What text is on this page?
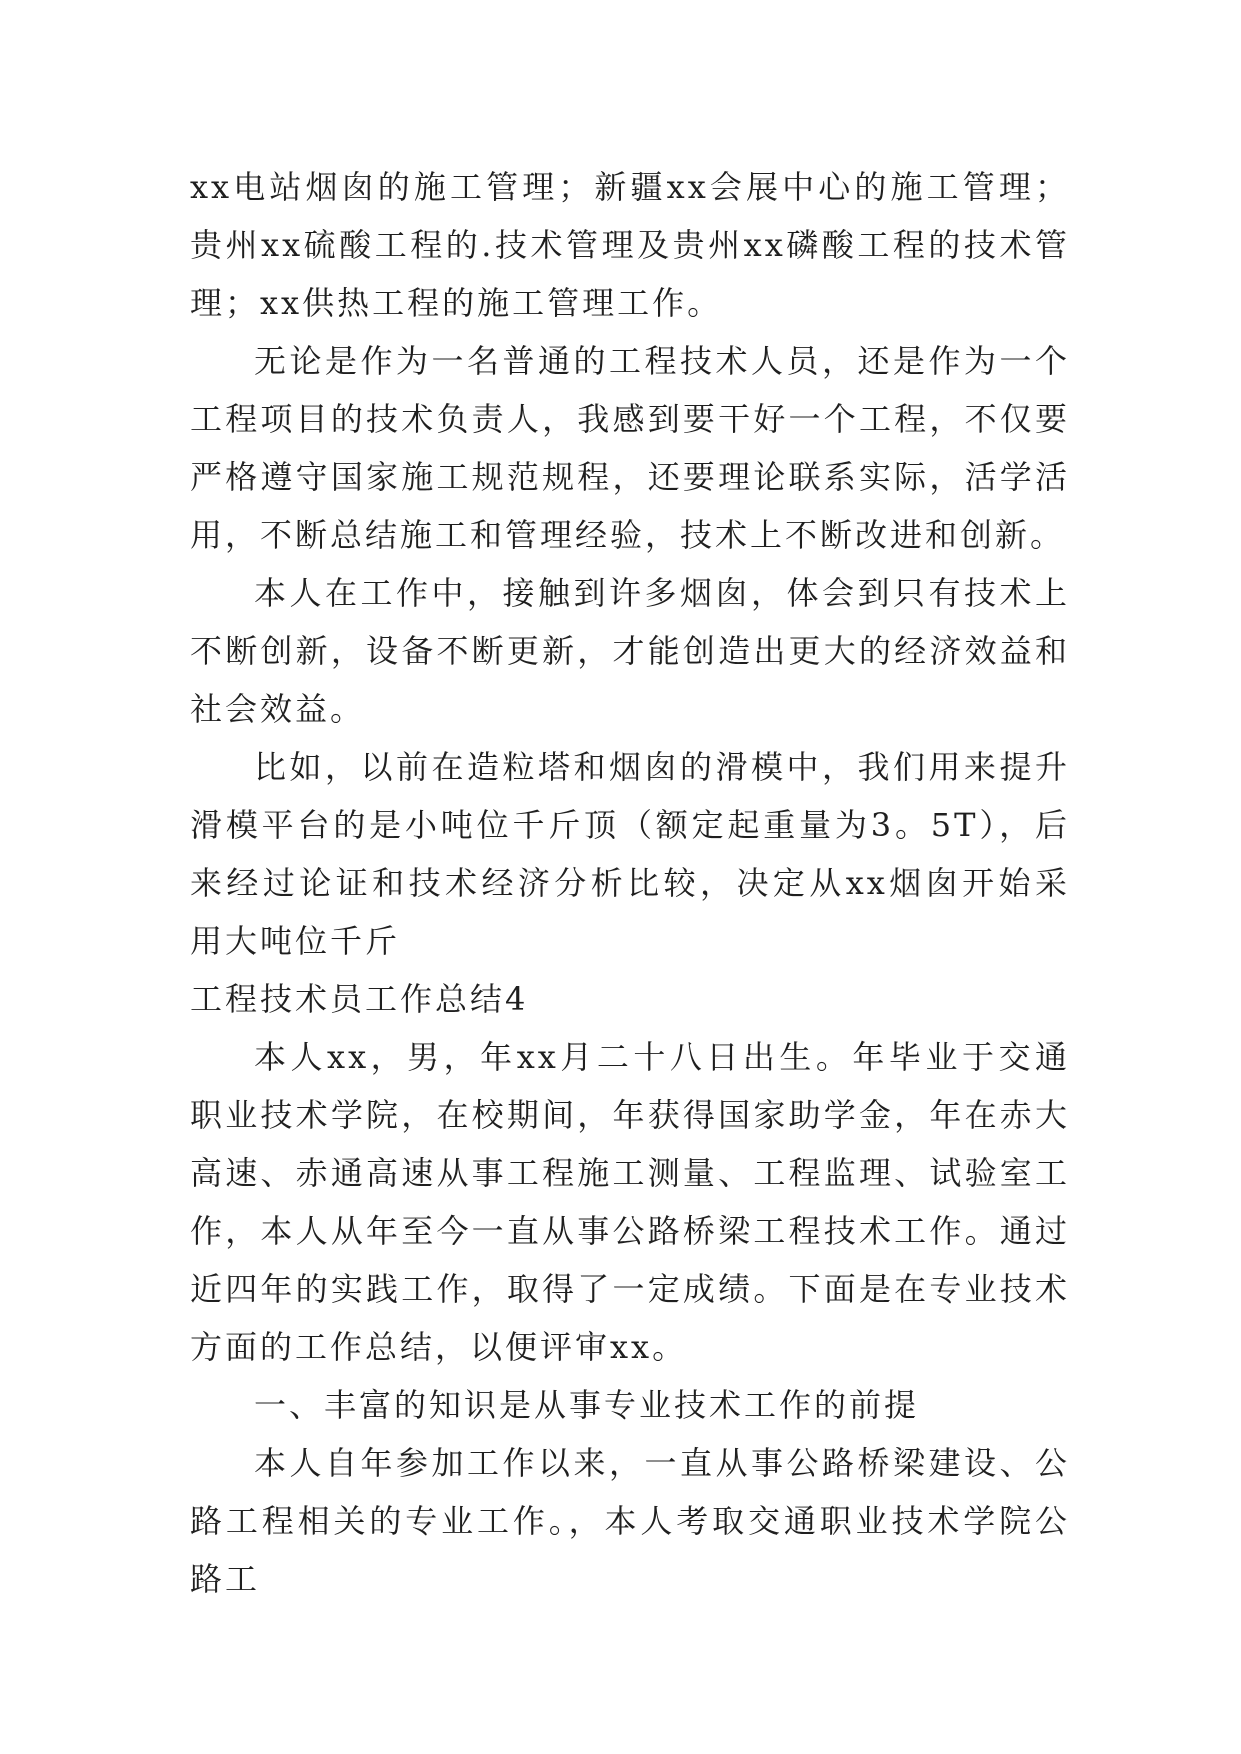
xx电站烟囱的施工管理；新疆xx会展中心的施工管理；贵州xx硫酸工程的.技术管理及贵州xx磷酸工程的技术管理；xx供热工程的施工管理工作。

无论是作为一名普通的工程技术人员，还是作为一个工程项目的技术负责人，我感到要干好一个工程，不仅要严格遵守国家施工规范规程，还要理论联系实际，活学活用，不断总结施工和管理经验，技术上不断改进和创新。

本人在工作中，接触到许多烟囱，体会到只有技术上不断创新，设备不断更新，才能创造出更大的经济效益和社会效益。

比如，以前在造粒塔和烟囱的滑模中，我们用来提升滑模平台的是小吨位千斤顶（额定起重量为3。5T），后来经过论证和技术经济分析比较，决定从xx烟囱开始采用大吨位千斤

工程技术员工作总结4

本人xx，男，年xx月二十八日出生。年毕业于交通职业技术学院，在校期间，年获得国家助学金，年在赤大高速、赤通高速从事工程施工测量、工程监理、试验室工作，本人从年至今一直从事公路桥梁工程技术工作。通过近四年的实践工作，取得了一定成绩。下面是在专业技术方面的工作总结，以便评审xx。

一、丰富的知识是从事专业技术工作的前提

本人自年参加工作以来，一直从事公路桥梁建设、公路工程相关的专业工作。，本人考取交通职业技术学院公路工
